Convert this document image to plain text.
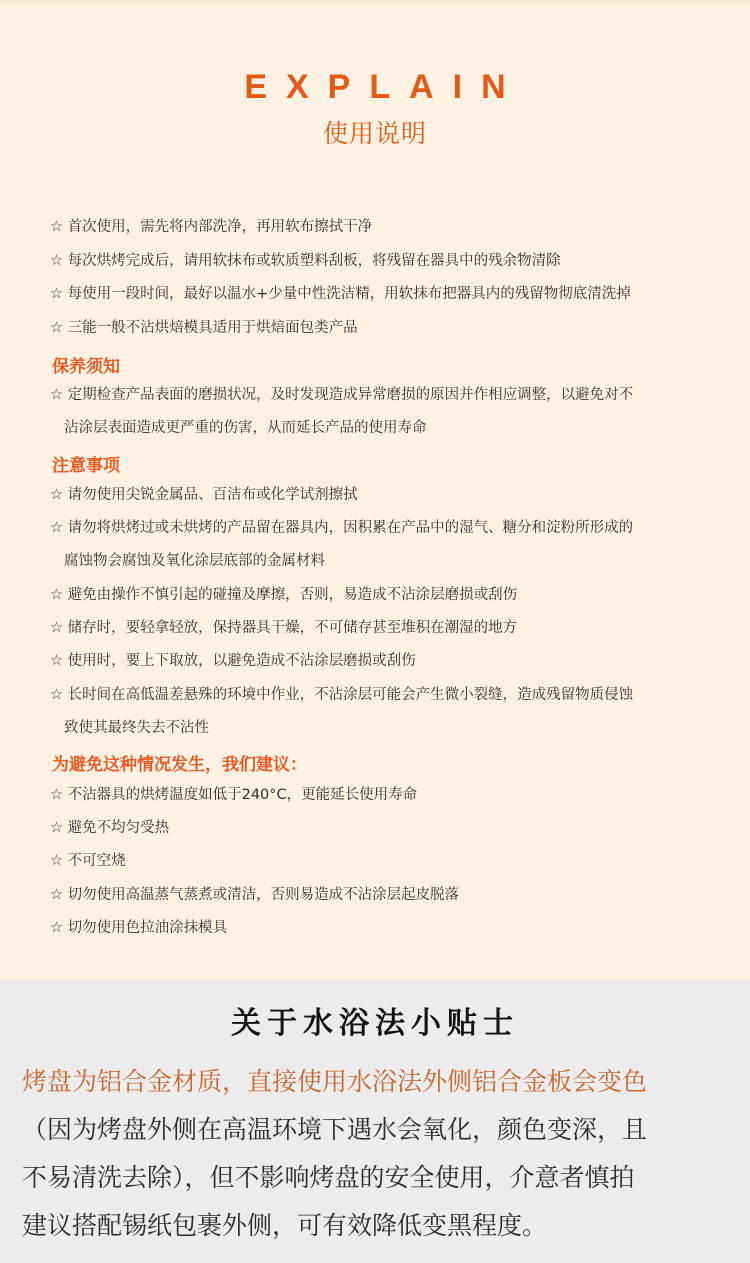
EXPLAIN
使用说明
☆ 首次使用，需先将内部洗净，再用软布擦拭干净
☆ 每次烘烤完成后，请用软抹布或软质塑料刮板，将残留在器具中的残余物清除
☆ 每使用一段时间，最好以温水+少量中性洗洁精，用软抹布把器具内的残留物彻底清洗掉
☆ 三能一般不沾烘焙模具适用于烘焙面包类产品
保养须知
☆ 定期检查产品表面的磨损状况，及时发现造成异常磨损的原因并作相应调整，以避免对不
沾涂层表面造成更严重的伤害，从而延长产品的使用寿命
注意事项
☆ 请勿使用尖锐金属品、百洁布或化学试剂擦拭
☆ 请勿将烘烤过或未烘烤的产品留在器具内，因积累在产品中的湿气、糖分和淀粉所形成的
腐蚀物会腐蚀及氧化涂层底部的金属材料
☆ 避免由操作不慎引起的碰撞及摩擦，否则，易造成不沾涂层磨损或刮伤
☆ 储存时，要轻拿轻放，保持器具干燥，不可储存甚至堆积在潮湿的地方
☆ 使用时，要上下取放，以避免造成不沾涂层磨损或刮伤
☆ 长时间在高低温差悬殊的环境中作业，不沾涂层可能会产生微小裂缝，造成残留物质侵蚀
致使其最终失去不沾性
为避免这种情况发生，我们建议：
☆ 不沾器具的烘烤温度如低于240°C，更能延长使用寿命
☆ 避免不均匀受热
☆ 不可空烧
☆ 切勿使用高温蒸气蒸煮或清洁，否则易造成不沾涂层起皮脱落
☆ 切勿使用色拉油涂抹模具
关于水浴法小贴士
烤盘为铝合金材质，直接使用水浴法外侧铝合金板会变色
（因为烤盘外侧在高温环境下遇水会氧化，颜色变深，且
不易清洗去除），但不影响烤盘的安全使用，介意者慎拍
建议搭配锡纸包裹外侧，可有效降低变黑程度。
